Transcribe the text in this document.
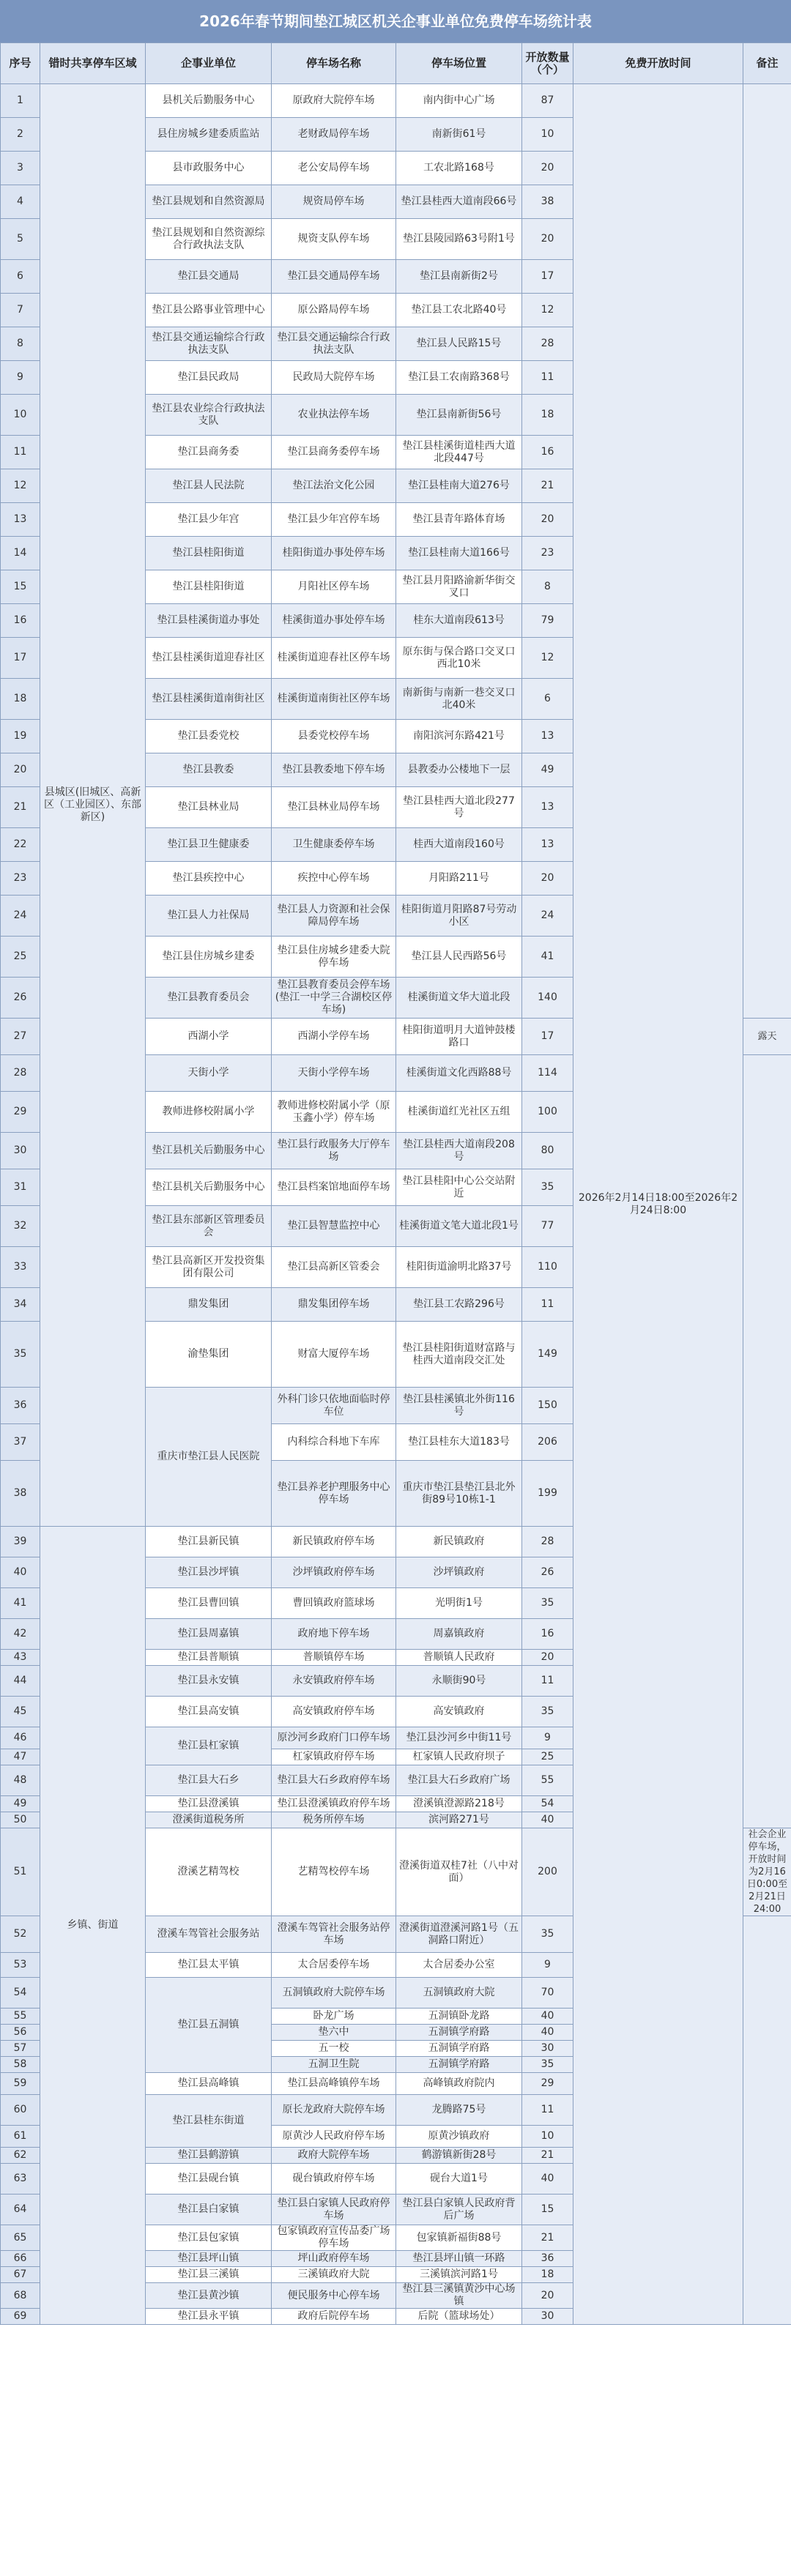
2026年春节期间垫江城区机关企事业单位免费停车场统计表
序号	错时共享停车区域	企事业单位	停车场名称	停车场位置	开放数量（个）	免费开放时间	备注
1	县城区(旧城区、高新区（工业园区）、东部新区)	县机关后勤服务中心	原政府大院停车场	南内街中心广场	87	2026年2月14日18:00至2026年2月24日8:00	
2		县住房城乡建委质监站	老财政局停车场	南新街61号	10		
3		县市政服务中心	老公安局停车场	工农北路168号	20		
4		垫江县规划和自然资源局	规资局停车场	垫江县桂西大道南段66号	38		
5		垫江县规划和自然资源综合行政执法支队	规资支队停车场	垫江县陵园路63号附1号	20		
6		垫江县交通局	垫江县交通局停车场	垫江县南新街2号	17		
7		垫江县公路事业管理中心	原公路局停车场	垫江县工农北路40号	12		
8		垫江县交通运输综合行政执法支队	垫江县交通运输综合行政执法支队	垫江县人民路15号	28		
9		垫江县民政局	民政局大院停车场	垫江县工农南路368号	11		
10		垫江县农业综合行政执法支队	农业执法停车场	垫江县南新街56号	18		
11		垫江县商务委	垫江县商务委停车场	垫江县桂溪街道桂西大道北段447号	16		
12		垫江县人民法院	垫江法治文化公园	垫江县桂南大道276号	21		
13		垫江县少年宫	垫江县少年宫停车场	垫江县青年路体育场	20		
14		垫江县桂阳街道	桂阳街道办事处停车场	垫江县桂南大道166号	23		
15		垫江县桂阳街道	月阳社区停车场	垫江县月阳路渝新华街交叉口	8		
16		垫江县桂溪街道办事处	桂溪街道办事处停车场	桂东大道南段613号	79		
17		垫江县桂溪街道迎春社区	桂溪街道迎春社区停车场	原东街与保合路口交叉口西北10米	12		
18		垫江县桂溪街道南街社区	桂溪街道南街社区停车场	南新街与南新一巷交叉口北40米	6		
19		垫江县委党校	县委党校停车场	南阳滨河东路421号	13		
20		垫江县教委	垫江县教委地下停车场	县教委办公楼地下一层	49		
21		垫江县林业局	垫江县林业局停车场	垫江县桂西大道北段277号	13		
22		垫江县卫生健康委	卫生健康委停车场	桂西大道南段160号	13		
23		垫江县疾控中心	疾控中心停车场	月阳路211号	20		
24		垫江县人力社保局	垫江县人力资源和社会保障局停车场	桂阳街道月阳路87号劳动小区	24		
25		垫江县住房城乡建委	垫江县住房城乡建委大院停车场	垫江县人民西路56号	41		
26		垫江县教育委员会	垫江县教育委员会停车场(垫江一中学三合湖校区停车场)	桂溪街道文华大道北段	140		
27		西湖小学	西湖小学停车场	桂阳街道明月大道钟鼓楼路口	17		露天
28		天街小学	天街小学停车场	桂溪街道文化西路88号	114		
29		教师进修校附属小学	教师进修校附属小学（原玉鑫小学）停车场	桂溪街道红光社区五组	100		
30		垫江县机关后勤服务中心	垫江县行政服务大厅停车场	垫江县桂西大道南段208号	80		
31		垫江县机关后勤服务中心	垫江县档案馆地面停车场	垫江县桂阳中心公交站附近	35		
32		垫江县东部新区管理委员会	垫江县智慧监控中心	桂溪街道文笔大道北段1号	77		
33		垫江县高新区开发投资集团有限公司	垫江县高新区管委会	桂阳街道渝明北路37号	110		
34		鼎发集团	鼎发集团停车场	垫江县工农路296号	11		
35		渝垫集团	财富大厦停车场	垫江县桂阳街道财富路与桂西大道南段交汇处	149		
36		重庆市垫江县人民医院	外科门诊只依地面临时停车位	垫江县桂溪镇北外街116号	150		
37			内科综合科地下车库	垫江县桂东大道183号	206		
38			垫江县养老护理服务中心停车场	重庆市垫江县垫江县北外街89号10栋1-1	199		
39	乡镇、街道	垫江县新民镇	新民镇政府停车场	新民镇政府	28		
40		垫江县沙坪镇	沙坪镇政府停车场	沙坪镇政府	26		
41		垫江县曹回镇	曹回镇政府篮球场	光明街1号	35		
42		垫江县周嘉镇	政府地下停车场	周嘉镇政府	16		
43		垫江县普顺镇	普顺镇停车场	普顺镇人民政府	20		
44		垫江县永安镇	永安镇政府停车场	永顺街90号	11		
45		垫江县高安镇	高安镇政府停车场	高安镇政府	35		
46		垫江县杠家镇	原沙河乡政府门口停车场	垫江县沙河乡中街11号	9		
47			杠家镇政府停车场	杠家镇人民政府坝子	25		
48		垫江县大石乡	垫江县大石乡政府停车场	垫江县大石乡政府广场	55		
49		垫江县澄溪镇	垫江县澄溪镇政府停车场	澄溪镇澄源路218号	54		
50		澄溪街道税务所	税务所停车场	滨河路271号	40		
51		澄溪艺精驾校	艺精驾校停车场	澄溪街道双桂7社（八中对面）	200		社会企业停车场，开放时间为2月16日0:00至2月21日24:00
52		澄溪车驾管社会服务站	澄溪车驾管社会服务站停车场	澄溪街道澄溪河路1号（五洞路口附近）	35		
53		垫江县太平镇	太合居委停车场	太合居委办公室	9		
54		垫江县五洞镇	五洞镇政府大院停车场	五洞镇政府大院	70		
55			卧龙广场	五洞镇卧龙路	40		
56			垫六中	五洞镇学府路	40		
57			五一校	五洞镇学府路	30		
58			五洞卫生院	五洞镇学府路	35		
59		垫江县高峰镇	垫江县高峰镇停车场	高峰镇政府院内	29		
60		垫江县桂东街道	原长龙政府大院停车场	龙腾路75号	11		
61			原黄沙人民政府停车场	原黄沙镇政府	10		
62		垫江县鹤游镇	政府大院停车场	鹤游镇新街28号	21		
63		垫江县砚台镇	砚台镇政府停车场	砚台大道1号	40		
64		垫江县白家镇	垫江县白家镇人民政府停车场	垫江县白家镇人民政府背后广场	15		
65		垫江县包家镇	包家镇政府宣传品委广场停车场	包家镇新福街88号	21		
66		垫江县坪山镇	坪山政府停车场	垫江县坪山镇一环路	36		
67		垫江县三溪镇	三溪镇政府大院	三溪镇滨河路1号	18		
68		垫江县黄沙镇	便民服务中心停车场	垫江县三溪镇黄沙中心场镇	20		
69		垫江县永平镇	政府后院停车场	后院（篮球场处）	30		
